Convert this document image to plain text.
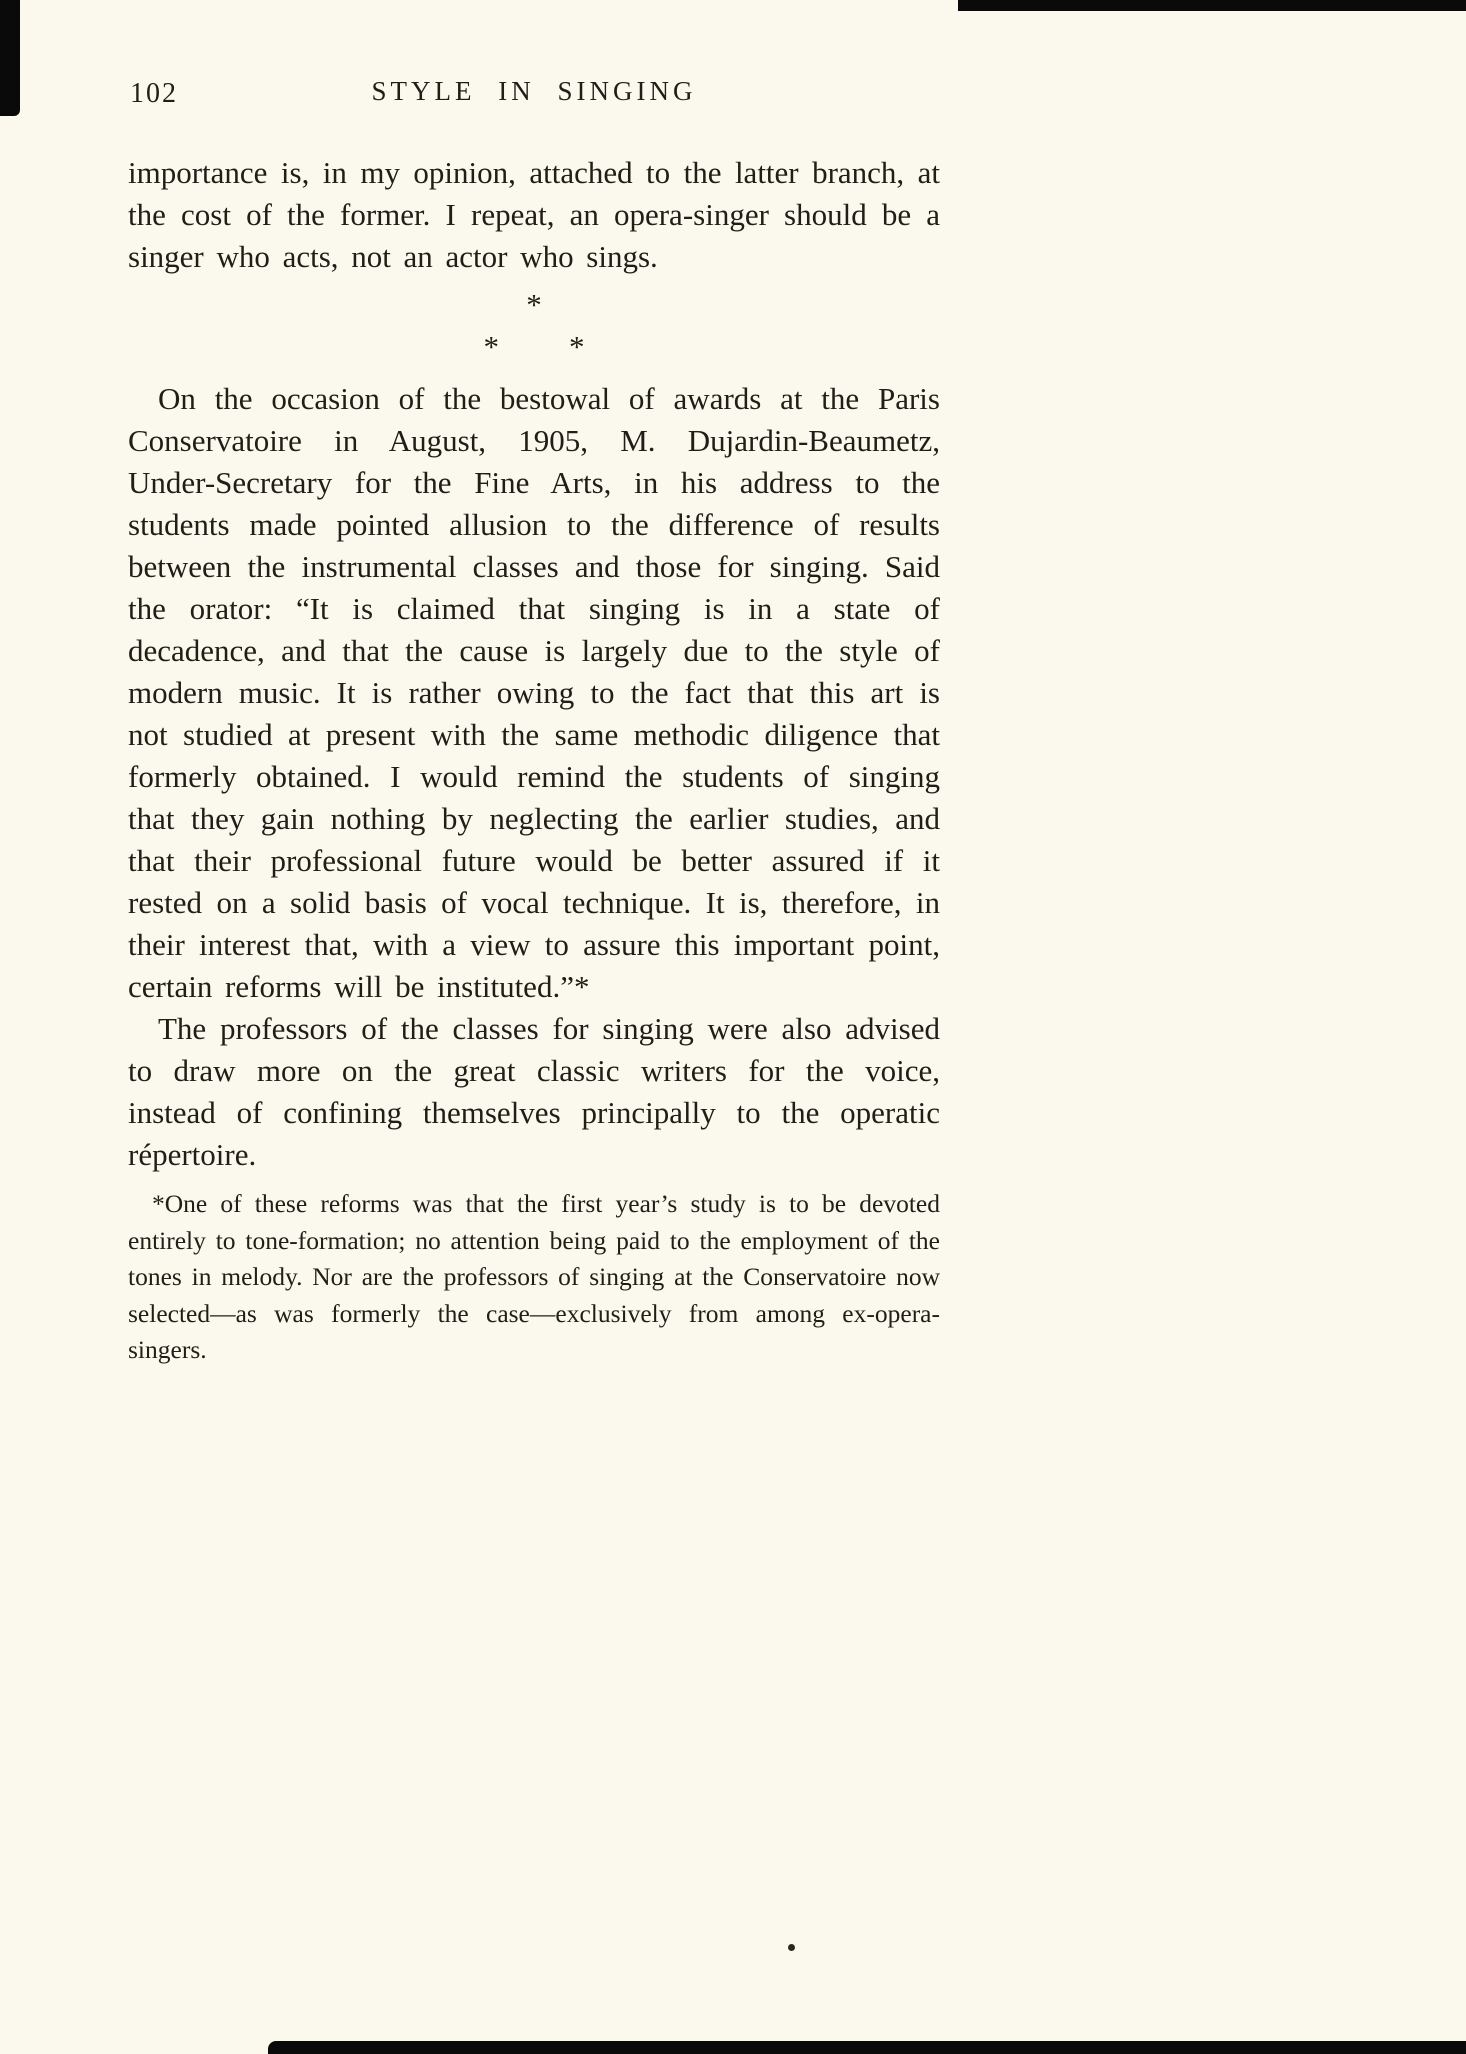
102	STYLE IN SINGING

importance is, in my opinion, attached to the latter branch, at the cost of the former. I repeat, an opera-singer should be a singer who acts, not an actor who sings.

*
* *

On the occasion of the bestowal of awards at the Paris Conservatoire in August, 1905, M. Dujardin-Beaumetz, Under-Secretary for the Fine Arts, in his address to the students made pointed allusion to the difference of results between the instrumental classes and those for singing. Said the orator: “It is claimed that singing is in a state of decadence, and that the cause is largely due to the style of modern music. It is rather owing to the fact that this art is not studied at present with the same methodic diligence that formerly obtained. I would remind the students of singing that they gain nothing by neglecting the earlier studies, and that their professional future would be better assured if it rested on a solid basis of vocal technique. It is, therefore, in their interest that, with a view to assure this important point, certain reforms will be instituted.”*

The professors of the classes for singing were also advised to draw more on the great classic writers for the voice, instead of confining themselves principally to the operatic répertoire.

*One of these reforms was that the first year’s study is to be devoted entirely to tone-formation; no attention being paid to the employment of the tones in melody. Nor are the professors of singing at the Conservatoire now selected—as was formerly the case—exclusively from among ex-opera-singers.
